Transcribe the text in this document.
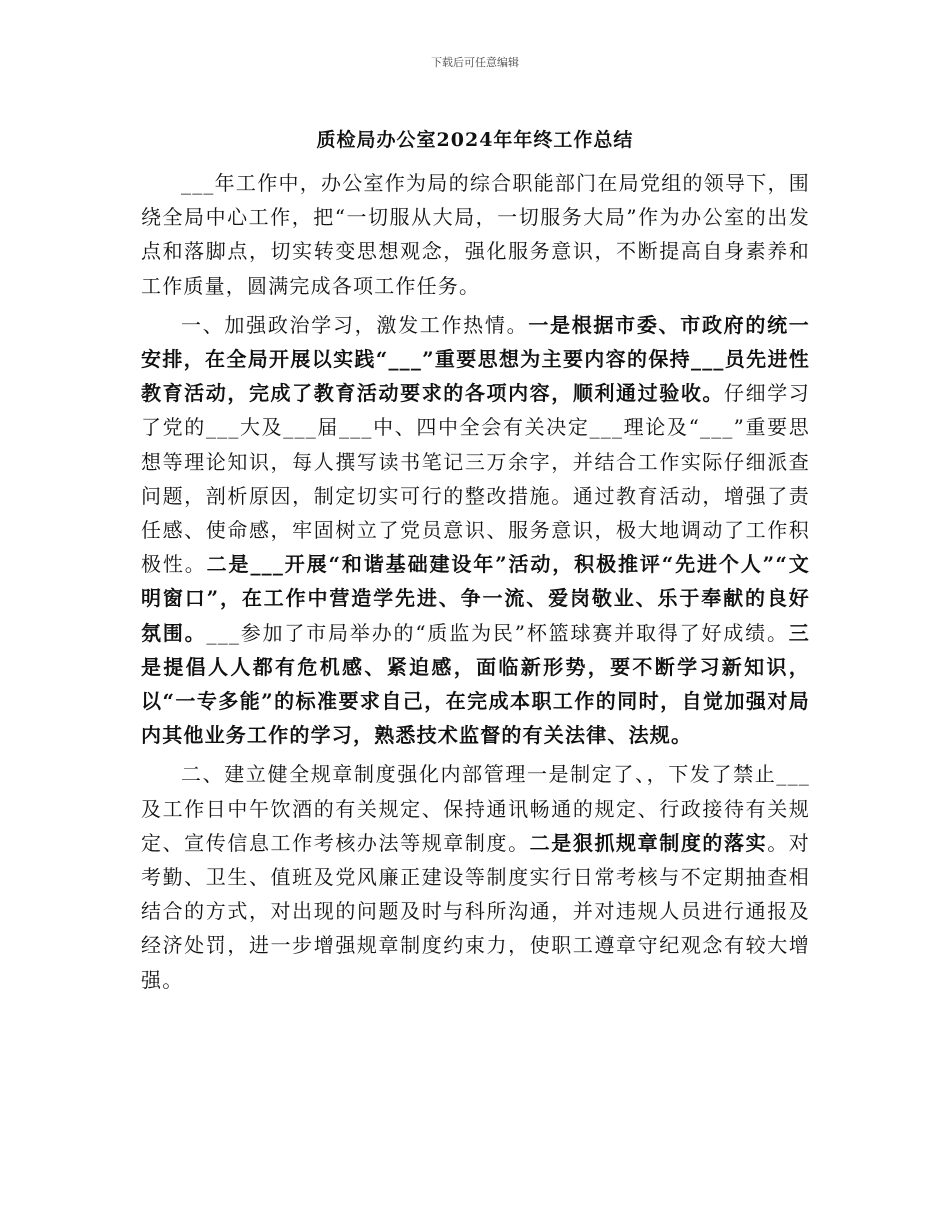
下载后可任意编辑
质检局办公室2024年年终工作总结

___年工作中，办公室作为局的综合职能部门在局党组的领导下，围绕全局中心工作，把“一切服从大局，一切服务大局”作为办公室的出发点和落脚点，切实转变思想观念，强化服务意识，不断提高自身素养和工作质量，圆满完成各项工作任务。

一、加强政治学习，激发工作热情。一是根据市委、市政府的统一安排，在全局开展以实践“___”重要思想为主要内容的保持___员先进性教育活动，完成了教育活动要求的各项内容，顺利通过验收。仔细学习了党的___大及___届___中、四中全会有关决定___理论及“___”重要思想等理论知识，每人撰写读书笔记三万余字，并结合工作实际仔细派查问题，剖析原因，制定切实可行的整改措施。通过教育活动，增强了责任感、使命感，牢固树立了党员意识、服务意识，极大地调动了工作积极性。二是___开展“和谐基础建设年”活动，积极推评“先进个人”“文明窗口”，在工作中营造学先进、争一流、爱岗敬业、乐于奉献的良好氛围。___参加了市局举办的“质监为民”杯篮球赛并取得了好成绩。三是提倡人人都有危机感、紧迫感，面临新形势，要不断学习新知识，以“一专多能”的标准要求自己，在完成本职工作的同时，自觉加强对局内其他业务工作的学习，熟悉技术监督的有关法律、法规。

二、建立健全规章制度强化内部管理一是制定了、，下发了禁止___及工作日中午饮酒的有关规定、保持通讯畅通的规定、行政接待有关规定、宣传信息工作考核办法等规章制度。二是狠抓规章制度的落实。对考勤、卫生、值班及党风廉正建设等制度实行日常考核与不定期抽查相结合的方式，对出现的问题及时与科所沟通，并对违规人员进行通报及经济处罚，进一步增强规章制度约束力，使职工遵章守纪观念有较大增强。
